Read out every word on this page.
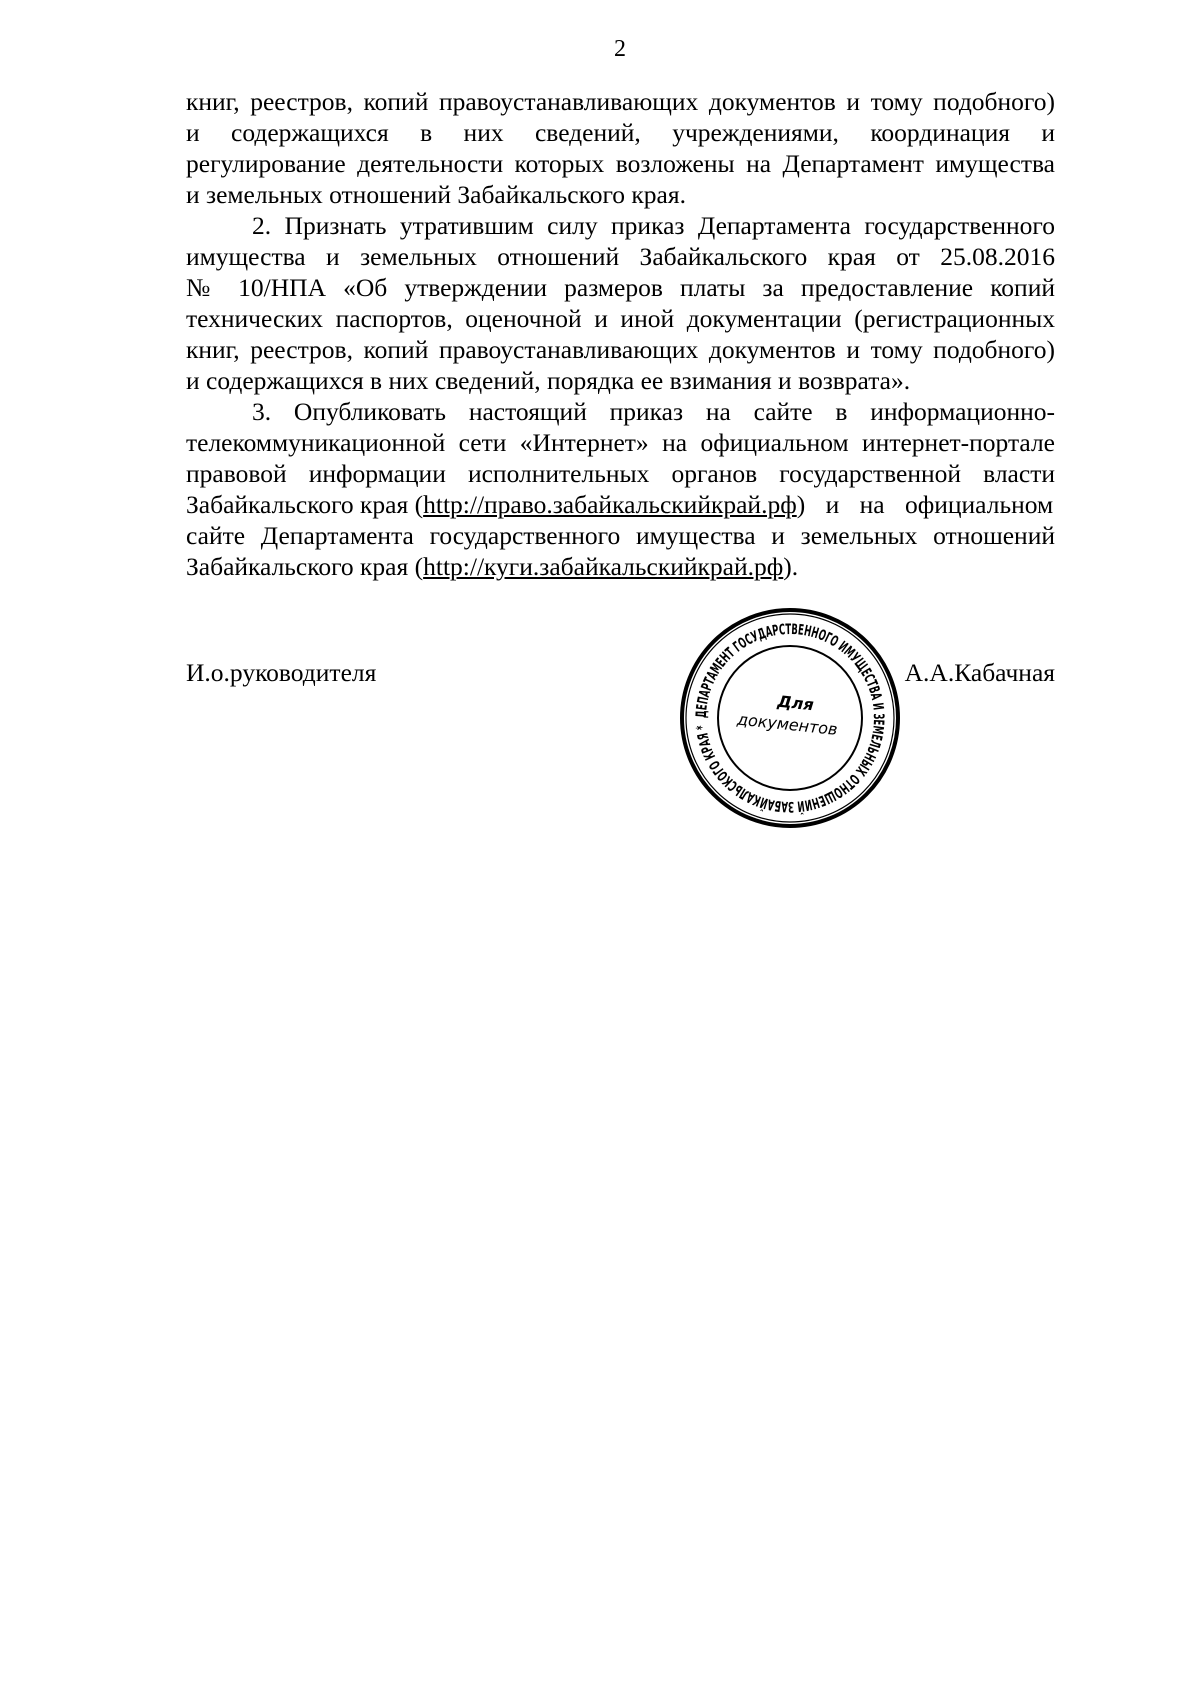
2
книг, реестров, копий правоустанавливающих документов и тому подобного)
и содержащихся в них сведений, учреждениями, координация и
регулирование деятельности которых возложены на Департамент имущества
и земельных отношений Забайкальского края.
2. Признать утратившим силу приказ Департамента государственного
имущества и земельных отношений Забайкальского края от 25.08.2016
№ 10/НПА «Об утверждении размеров платы за предоставление копий
технических паспортов, оценочной и иной документации (регистрационных
книг, реестров, копий правоустанавливающих документов и тому подобного)
и содержащихся в них сведений, порядка ее взимания и возврата».
3. Опубликовать настоящий приказ на сайте в информационно-
телекоммуникационной сети «Интернет» на официальном интернет-портале
правовой информации исполнительных органов государственной власти
Забайкальского края (http://право.забайкальскийкрай.рф) и на официальном
сайте Департамента государственного имущества и земельных отношений
Забайкальского края (http://куги.забайкальскийкрай.рф).
И.о.руководителя	А.А.Кабачная
ДЕПАРТАМЕНТ ГОСУДАРСТВЕННОГО ИМУЩЕСТВА И ЗЕМЕЛЬНЫХ ОТНОШЕНИЙ ЗАБАЙКАЛЬСКОГО КРАЯ *
Для
документов
